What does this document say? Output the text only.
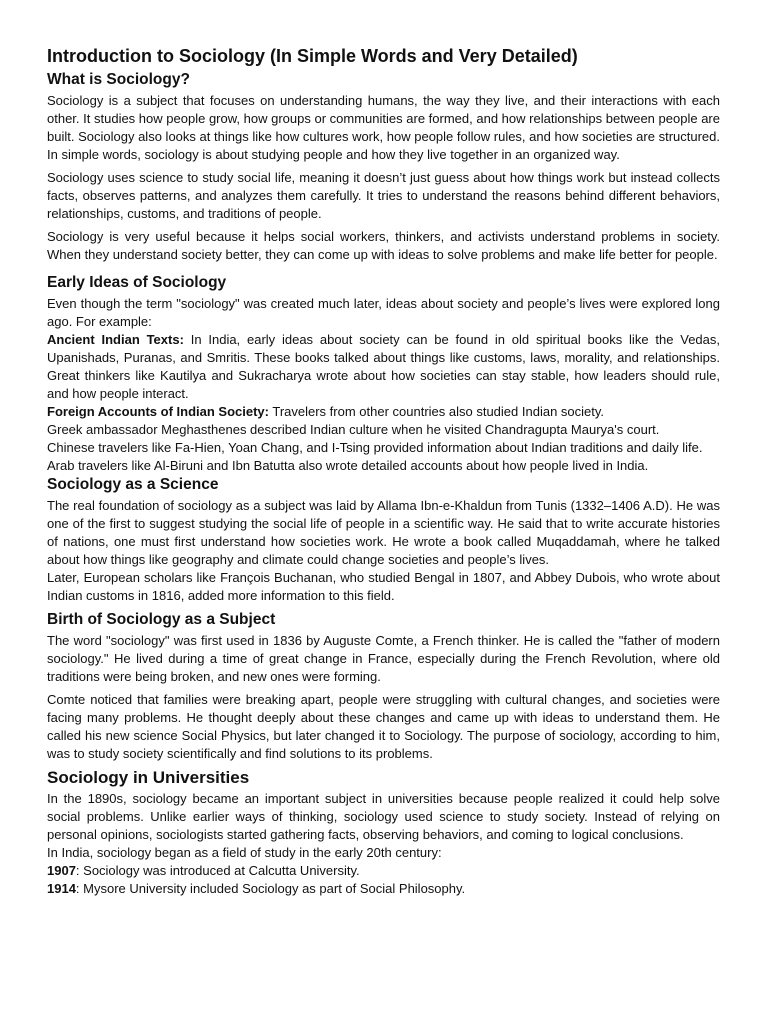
Introduction to Sociology (In Simple Words and Very Detailed)
What is Sociology?

Sociology is a subject that focuses on understanding humans, the way they live, and their interactions with each other. It studies how people grow, how groups or communities are formed, and how relationships between people are built. Sociology also looks at things like how cultures work, how people follow rules, and how societies are structured. In simple words, sociology is about studying people and how they live together in an organized way.

Sociology uses science to study social life, meaning it doesn’t just guess about how things work but instead collects facts, observes patterns, and analyzes them carefully. It tries to understand the reasons behind different behaviors, relationships, customs, and traditions of people.

Sociology is very useful because it helps social workers, thinkers, and activists understand problems in society. When they understand society better, they can come up with ideas to solve problems and make life better for people.

Early Ideas of Sociology

Even though the term "sociology" was created much later, ideas about society and people’s lives were explored long ago. For example:

Ancient Indian Texts: In India, early ideas about society can be found in old spiritual books like the Vedas, Upanishads, Puranas, and Smritis. These books talked about things like customs, laws, morality, and relationships. Great thinkers like Kautilya and Sukracharya wrote about how societies can stay stable, how leaders should rule, and how people interact.

Foreign Accounts of Indian Society: Travelers from other countries also studied Indian society.

Greek ambassador Meghasthenes described Indian culture when he visited Chandragupta Maurya's court.

Chinese travelers like Fa-Hien, Yoan Chang, and I-Tsing provided information about Indian traditions and daily life.

Arab travelers like Al-Biruni and Ibn Batutta also wrote detailed accounts about how people lived in India.

Sociology as a Science

The real foundation of sociology as a subject was laid by Allama Ibn-e-Khaldun from Tunis (1332–1406 A.D). He was one of the first to suggest studying the social life of people in a scientific way. He said that to write accurate histories of nations, one must first understand how societies work. He wrote a book called Muqaddamah, where he talked about how things like geography and climate could change societies and people’s lives.

Later, European scholars like François Buchanan, who studied Bengal in 1807, and Abbey Dubois, who wrote about Indian customs in 1816, added more information to this field.

Birth of Sociology as a Subject

The word "sociology" was first used in 1836 by Auguste Comte, a French thinker. He is called the "father of modern sociology." He lived during a time of great change in France, especially during the French Revolution, where old traditions were being broken, and new ones were forming.

Comte noticed that families were breaking apart, people were struggling with cultural changes, and societies were facing many problems. He thought deeply about these changes and came up with ideas to understand them. He called his new science Social Physics, but later changed it to Sociology. The purpose of sociology, according to him, was to study society scientifically and find solutions to its problems.

Sociology in Universities

In the 1890s, sociology became an important subject in universities because people realized it could help solve social problems. Unlike earlier ways of thinking, sociology used science to study society. Instead of relying on personal opinions, sociologists started gathering facts, observing behaviors, and coming to logical conclusions.

In India, sociology began as a field of study in the early 20th century:

1907: Sociology was introduced at Calcutta University.

1914: Mysore University included Sociology as part of Social Philosophy.
